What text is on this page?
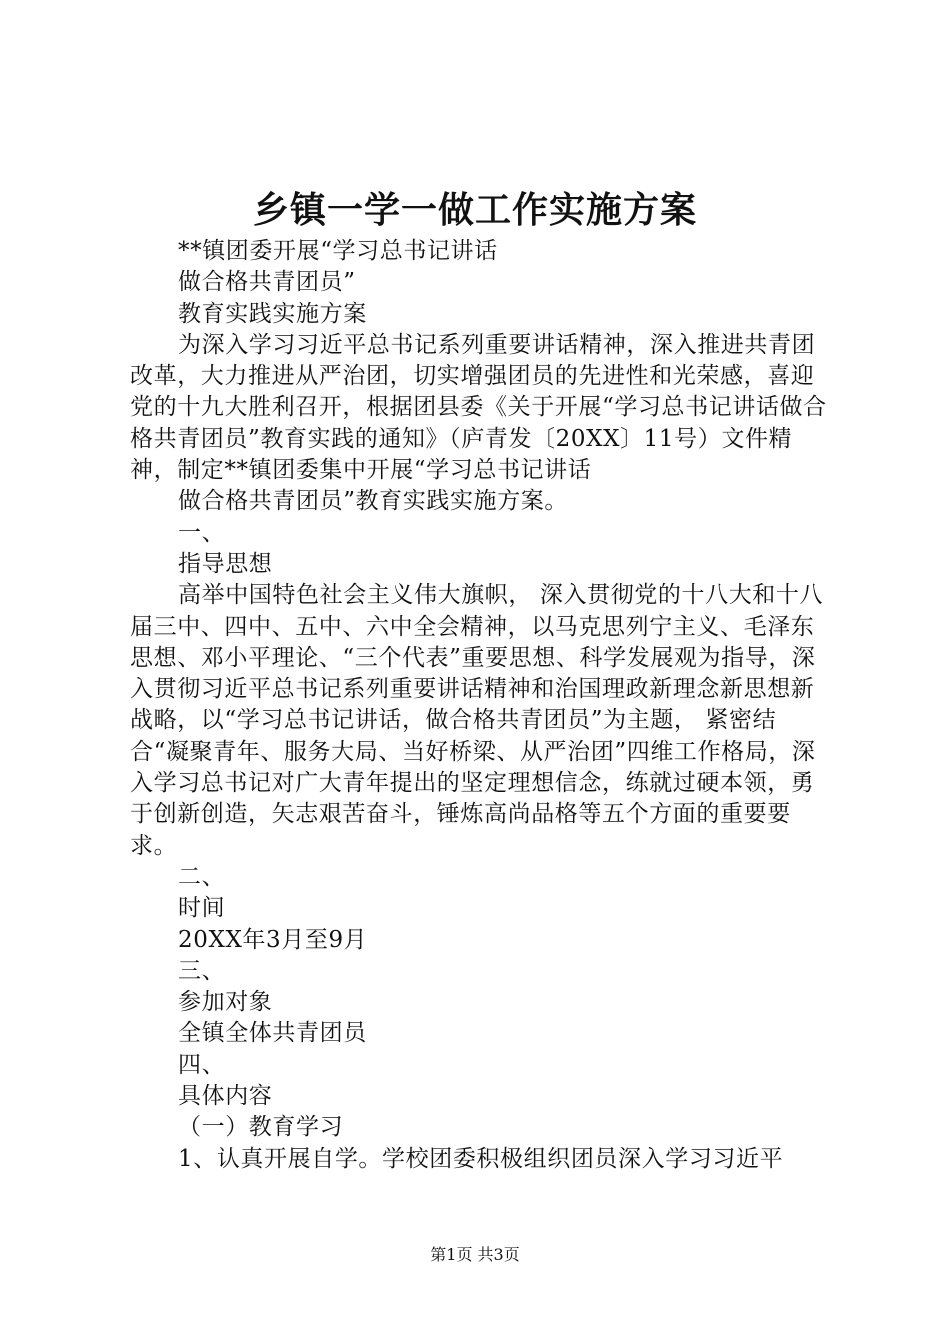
乡镇一学一做工作实施方案

**镇团委开展“学习总书记讲话

做合格共青团员”

教育实践实施方案

为深入学习习近平总书记系列重要讲话精神，深入推进共青团改革，大力推进从严治团，切实增强团员的先进性和光荣感，喜迎党的十九大胜利召开，根据团县委《关于开展“学习总书记讲话做合格共青团员”教育实践的通知》（庐青发〔20XX〕11号）文件精神，制定**镇团委集中开展“学习总书记讲话

做合格共青团员”教育实践实施方案。

一、

指导思想

高举中国特色社会主义伟大旗帜， 深入贯彻党的十八大和十八届三中、四中、五中、六中全会精神，以马克思列宁主义、毛泽东思想、邓小平理论、“三个代表”重要思想、科学发展观为指导，深入贯彻习近平总书记系列重要讲话精神和治国理政新理念新思想新战略，以“学习总书记讲话，做合格共青团员”为主题， 紧密结合“凝聚青年、服务大局、当好桥梁、从严治团”四维工作格局，深入学习总书记对广大青年提出的坚定理想信念，练就过硬本领，勇于创新创造，矢志艰苦奋斗，锤炼高尚品格等五个方面的重要要求。

二、

时间

20XX年3月至9月

三、

参加对象

全镇全体共青团员

四、

具体内容

（一）教育学习

1、认真开展自学。学校团委积极组织团员深入学习习近平

第1页 共3页
